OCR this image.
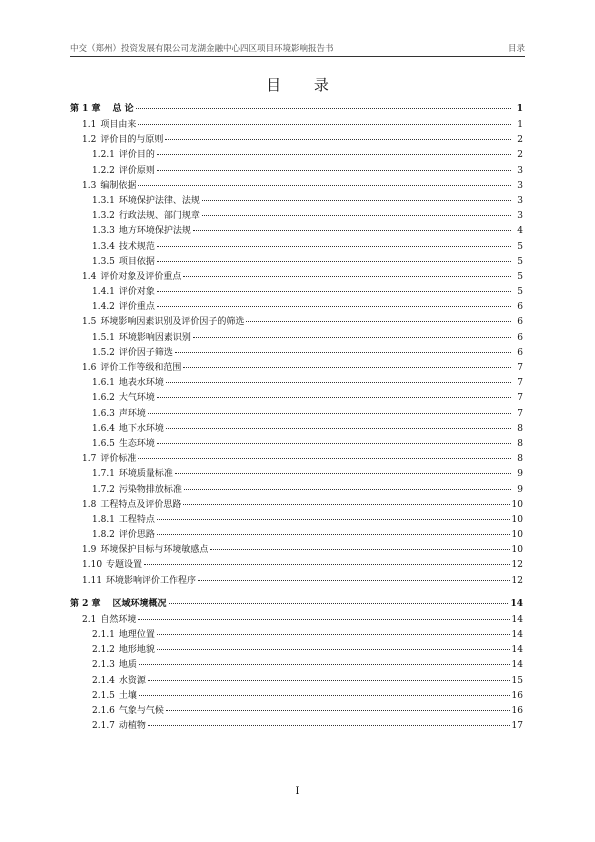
中交（郑州）投资发展有限公司龙湖金融中心四区项目环境影响报告书	目录
目 录
第 1 章 总 论	1
1.1 项目由来	1
1.2 评价目的与原则	2
1.2.1 评价目的	2
1.2.2 评价原则	3
1.3 编制依据	3
1.3.1 环境保护法律、法规	3
1.3.2 行政法规、部门规章	3
1.3.3 地方环境保护法规	4
1.3.4 技术规范	5
1.3.5 项目依据	5
1.4 评价对象及评价重点	5
1.4.1 评价对象	5
1.4.2 评价重点	6
1.5 环境影响因素识别及评价因子的筛选	6
1.5.1 环境影响因素识别	6
1.5.2 评价因子筛选	6
1.6 评价工作等级和范围	7
1.6.1 地表水环境	7
1.6.2 大气环境	7
1.6.3 声环境	7
1.6.4 地下水环境	8
1.6.5 生态环境	8
1.7 评价标准	8
1.7.1 环境质量标准	9
1.7.2 污染物排放标准	9
1.8 工程特点及评价思路	10
1.8.1 工程特点	10
1.8.2 评价思路	10
1.9 环境保护目标与环境敏感点	10
1.10 专题设置	12
1.11 环境影响评价工作程序	12
第 2 章 区域环境概况	14
2.1 自然环境	14
2.1.1 地理位置	14
2.1.2 地形地貌	14
2.1.3 地质	14
2.1.4 水资源	15
2.1.5 土壤	16
2.1.6 气象与气候	16
2.1.7 动植物	17
I
